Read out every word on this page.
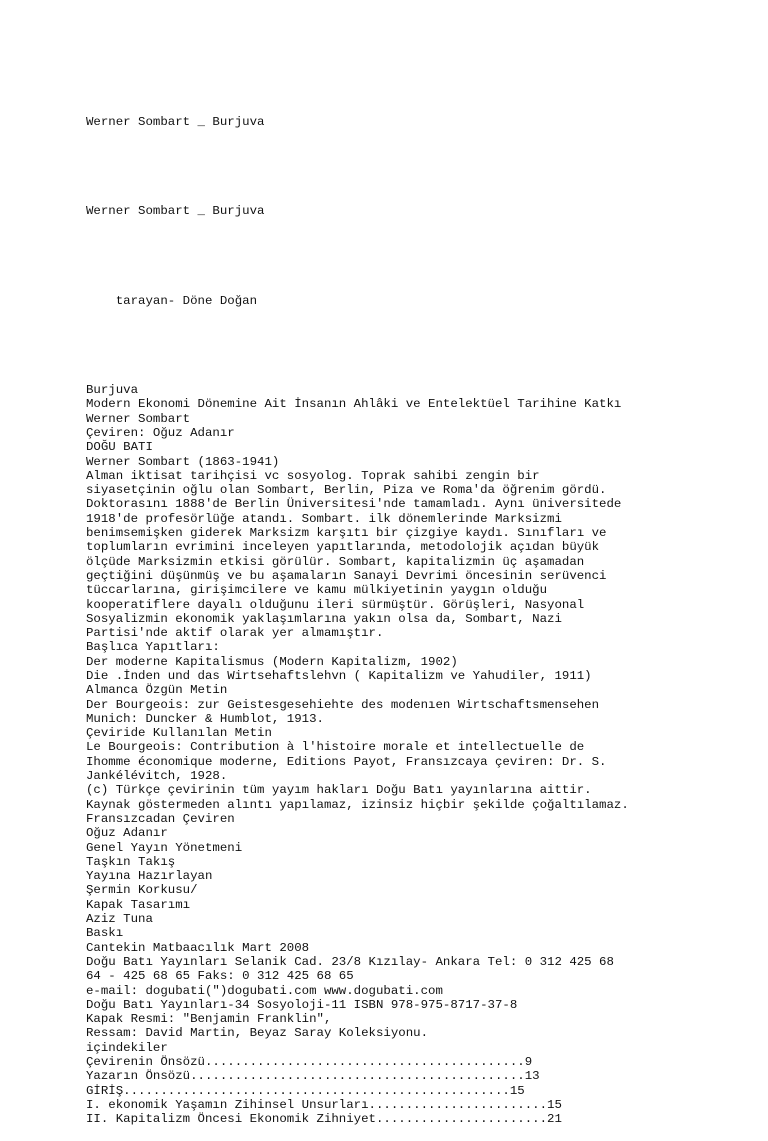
Werner Sombart _ Burjuva

Werner Sombart _ Burjuva

tarayan- Döne Doğan

Burjuva
Modern Ekonomi Dönemine Ait İnsanın Ahlâki ve Entelektüel Tarihine Katkı
Werner Sombart
Çeviren: Oğuz Adanır
DOĞU BATI
Werner Sombart (1863-1941)
Alman iktisat tarihçisi vc sosyolog. Toprak sahibi zengin bir
siyasetçinin oğlu olan Sombart, Berlin, Piza ve Roma'da öğrenim gördü.
Doktorasını 1888'de Berlin Üniversitesi'nde tamamladı. Aynı üniversitede
1918'de profesörlüğe atandı. Sombart. ilk dönemlerinde Marksizmi
benimsemişken giderek Marksizm karşıtı bir çizgiye kaydı. Sınıfları ve
toplumların evrimini inceleyen yapıtlarında, metodolojik açıdan büyük
ölçüde Marksizmin etkisi görülür. Sombart, kapitalizmin üç aşamadan
geçtiğini düşünmüş ve bu aşamaların Sanayi Devrimi öncesinin serüvenci
tüccarlarına, girişimcilere ve kamu mülkiyetinin yaygın olduğu
kooperatiflere dayalı olduğunu ileri sürmüştür. Görüşleri, Nasyonal
Sosyalizmin ekonomik yaklaşımlarına yakın olsa da, Sombart, Nazi
Partisi'nde aktif olarak yer almamıştır.
Başlıca Yapıtları:
Der moderne Kapitalismus (Modern Kapitalizm, 1902)
Die .İnden und das Wirtsehaftslehvn ( Kapitalizm ve Yahudiler, 1911)
Almanca Özgün Metin
Der Bourgeois: zur Geistesgesehiehte des modenıen Wirtschaftsmensehen
Munich: Duncker & Humblot, 1913.
Çeviride Kullanılan Metin
Le Bourgeois: Contribution à l'histoire morale et intellectuelle de
Ihomme économique moderne, Editions Payot, Fransızcaya çeviren: Dr. S.
Jankélévitch, 1928.
(c) Türkçe çevirinin tüm yayım hakları Doğu Batı yayınlarına aittir.
Kaynak göstermeden alıntı yapılamaz, izinsiz hiçbir şekilde çoğaltılamaz.
Fransızcadan Çeviren
Oğuz Adanır
Genel Yayın Yönetmeni
Taşkın Takış
Yayına Hazırlayan
Şermin Korkusu/
Kapak Tasarımı
Aziz Tuna
Baskı
Cantekin Matbaacılık Mart 2008
Doğu Batı Yayınları Selanik Cad. 23/8 Kızılay- Ankara Tel: 0 312 425 68
64 - 425 68 65 Faks: 0 312 425 68 65
e-mail: dogubati(")dogubati.com www.dogubati.com
Doğu Batı Yayınları-34 Sosyoloji-11 ISBN 978-975-8717-37-8
Kapak Resmi: "Benjamin Franklin",
Ressam: David Martin, Beyaz Saray Koleksiyonu.
içindekiler
Çevirenin Önsözü...........................................9
Yazarın Önsözü.............................................13
GİRİŞ....................................................15
I. ekonomik Yaşamın Zihinsel Unsurları........................15
II. Kapitalizm Öncesi Ekonomik Zihniyet.......................21
